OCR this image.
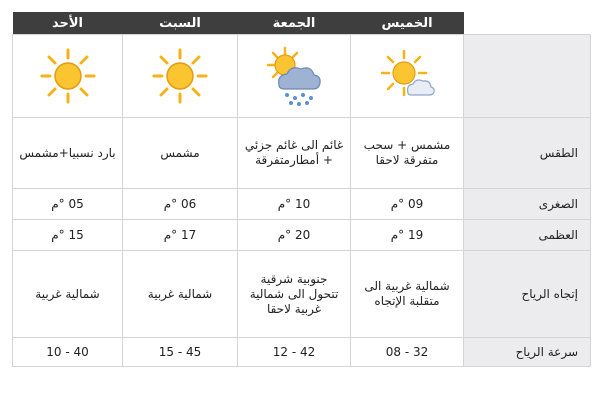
الأحد	السبت	الجمعة	الخميس	

بارد نسبيا+مشمس	مشمس	غائم الى غائم جزئي + أمطارمتفرقة	مشمس + سحب متفرقة لاحقا	الطقس
05 °م	06 °م	10 °م	09 °م	الصغرى
15 °م	17 °م	20 °م	19 °م	العظمى
شمالية غربية	شمالية غربية	جنوبية شرقية تتحول الى شمالية غربية لاحقا	شمالية غربية الى متقلبة الإتجاه	إتجاه الرياح
10 - 40	15 - 45	12 - 42	08 - 32	سرعة الرياح
